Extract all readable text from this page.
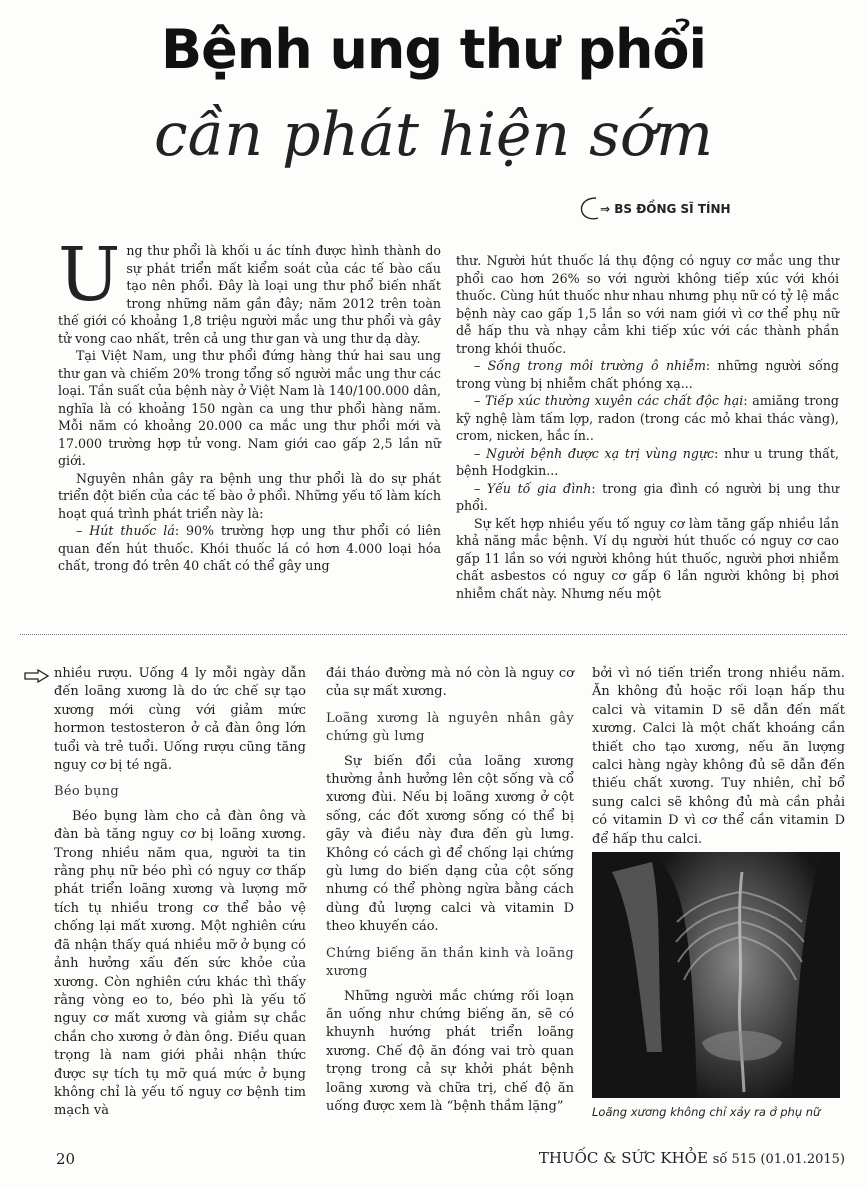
Bệnh ung thư phổi
cần phát hiện sớm
⇒ BS ĐỒNG SĨ TÍNH

Ung thư phổi là khối u ác tính được hình thành do sự phát triển mất kiểm soát của các tế bào cấu tạo nên phổi. Đây là loại ung thư phổ biến nhất trong những năm gần đây; năm 2012 trên toàn thế giới có khoảng 1,8 triệu người mắc ung thư phổi và gây tử vong cao nhất, trên cả ung thư gan và ung thư dạ dày.

Tại Việt Nam, ung thư phổi đứng hàng thứ hai sau ung thư gan và chiếm 20% trong tổng số người mắc ung thư các loại. Tần suất của bệnh này ở Việt Nam là 140/100.000 dân, nghĩa là có khoảng 150 ngàn ca ung thư phổi hàng năm. Mỗi năm có khoảng 20.000 ca mắc ung thư phổi mới và 17.000 trường hợp tử vong. Nam giới cao gấp 2,5 lần nữ giới.

Nguyên nhân gây ra bệnh ung thư phổi là do sự phát triển đột biến của các tế bào ở phổi. Những yếu tố làm kích hoạt quá trình phát triển này là:

– Hút thuốc lá: 90% trường hợp ung thư phổi có liên quan đến hút thuốc. Khói thuốc lá có hơn 4.000 loại hóa chất, trong đó trên 40 chất có thể gây ung

thư. Người hút thuốc lá thụ động có nguy cơ mắc ung thư phổi cao hơn 26% so với người không tiếp xúc với khói thuốc. Cùng hút thuốc như nhau nhưng phụ nữ có tỷ lệ mắc bệnh này cao gấp 1,5 lần so với nam giới vì cơ thể phụ nữ dễ hấp thu và nhạy cảm khi tiếp xúc với các thành phần trong khói thuốc.

– Sống trong môi trường ô nhiễm: những người sống trong vùng bị nhiễm chất phóng xạ...

– Tiếp xúc thường xuyên các chất độc hại: amiăng trong kỹ nghệ làm tấm lợp, radon (trong các mỏ khai thác vàng), crom, nicken, hắc ín..

– Người bệnh được xạ trị vùng ngực: như u trung thất, bệnh Hodgkin...

– Yếu tố gia đình: trong gia đình có người bị ung thư phổi.

Sự kết hợp nhiều yếu tố nguy cơ làm tăng gấp nhiều lần khả năng mắc bệnh. Ví dụ người hút thuốc có nguy cơ cao gấp 11 lần so với người không hút thuốc, người phơi nhiễm chất asbestos có nguy cơ gấp 6 lần người không bị phơi nhiễm chất này. Nhưng nếu một

nhiều rượu. Uống 4 ly mỗi ngày dẫn đến loãng xương là do ức chế sự tạo xương mới cùng với giảm mức hormon testosteron ở cả đàn ông lớn tuổi và trẻ tuổi. Uống rượu cũng tăng nguy cơ bị té ngã.

Béo bụng

Béo bụng làm cho cả đàn ông và đàn bà tăng nguy cơ bị loãng xương. Trong nhiều năm qua, người ta tin rằng phụ nữ béo phì có nguy cơ thấp phát triển loãng xương và lượng mỡ tích tụ nhiều trong cơ thể bảo vệ chống lại mất xương. Một nghiên cứu đã nhận thấy quá nhiều mỡ ở bụng có ảnh hưởng xấu đến sức khỏe của xương. Còn nghiên cứu khác thì thấy rằng vòng eo to, béo phì là yếu tố nguy cơ mất xương và giảm sự chắc chắn cho xương ở đàn ông. Điều quan trọng là nam giới phải nhận thức được sự tích tụ mỡ quá mức ở bụng không chỉ là yếu tố nguy cơ bệnh tim mạch và

đái tháo đường mà nó còn là nguy cơ của sự mất xương.

Loãng xương là nguyên nhân gây chứng gù lưng

Sự biến đổi của loãng xương thường ảnh hưởng lên cột sống và cổ xương đùi. Nếu bị loãng xương ở cột sống, các đốt xương sống có thể bị gãy và điều này đưa đến gù lưng. Không có cách gì để chống lại chứng gù lưng do biến dạng của cột sống nhưng có thể phòng ngừa bằng cách dùng đủ lượng calci và vitamin D theo khuyến cáo.

Chứng biếng ăn thần kinh và loãng xương

Những người mắc chứng rối loạn ăn uống như chứng biếng ăn, sẽ có khuynh hướng phát triển loãng xương. Chế độ ăn đóng vai trò quan trọng trong cả sự khởi phát bệnh loãng xương và chữa trị, chế độ ăn uống được xem là “bệnh thầm lặng”

bởi vì nó tiến triển trong nhiều năm. Ăn không đủ hoặc rối loạn hấp thu calci và vitamin D sẽ dẫn đến mất xương. Calci là một chất khoáng cần thiết cho tạo xương, nếu ăn lượng calci hàng ngày không đủ sẽ dẫn đến thiếu chất xương. Tuy nhiên, chỉ bổ sung calci sẽ không đủ mà cần phải có vitamin D vì cơ thể cần vitamin D để hấp thu calci.

Loãng xương không chỉ xảy ra ở phụ nữ
20	THUỐC & SỨC KHỎE số 515 (01.01.2015)
